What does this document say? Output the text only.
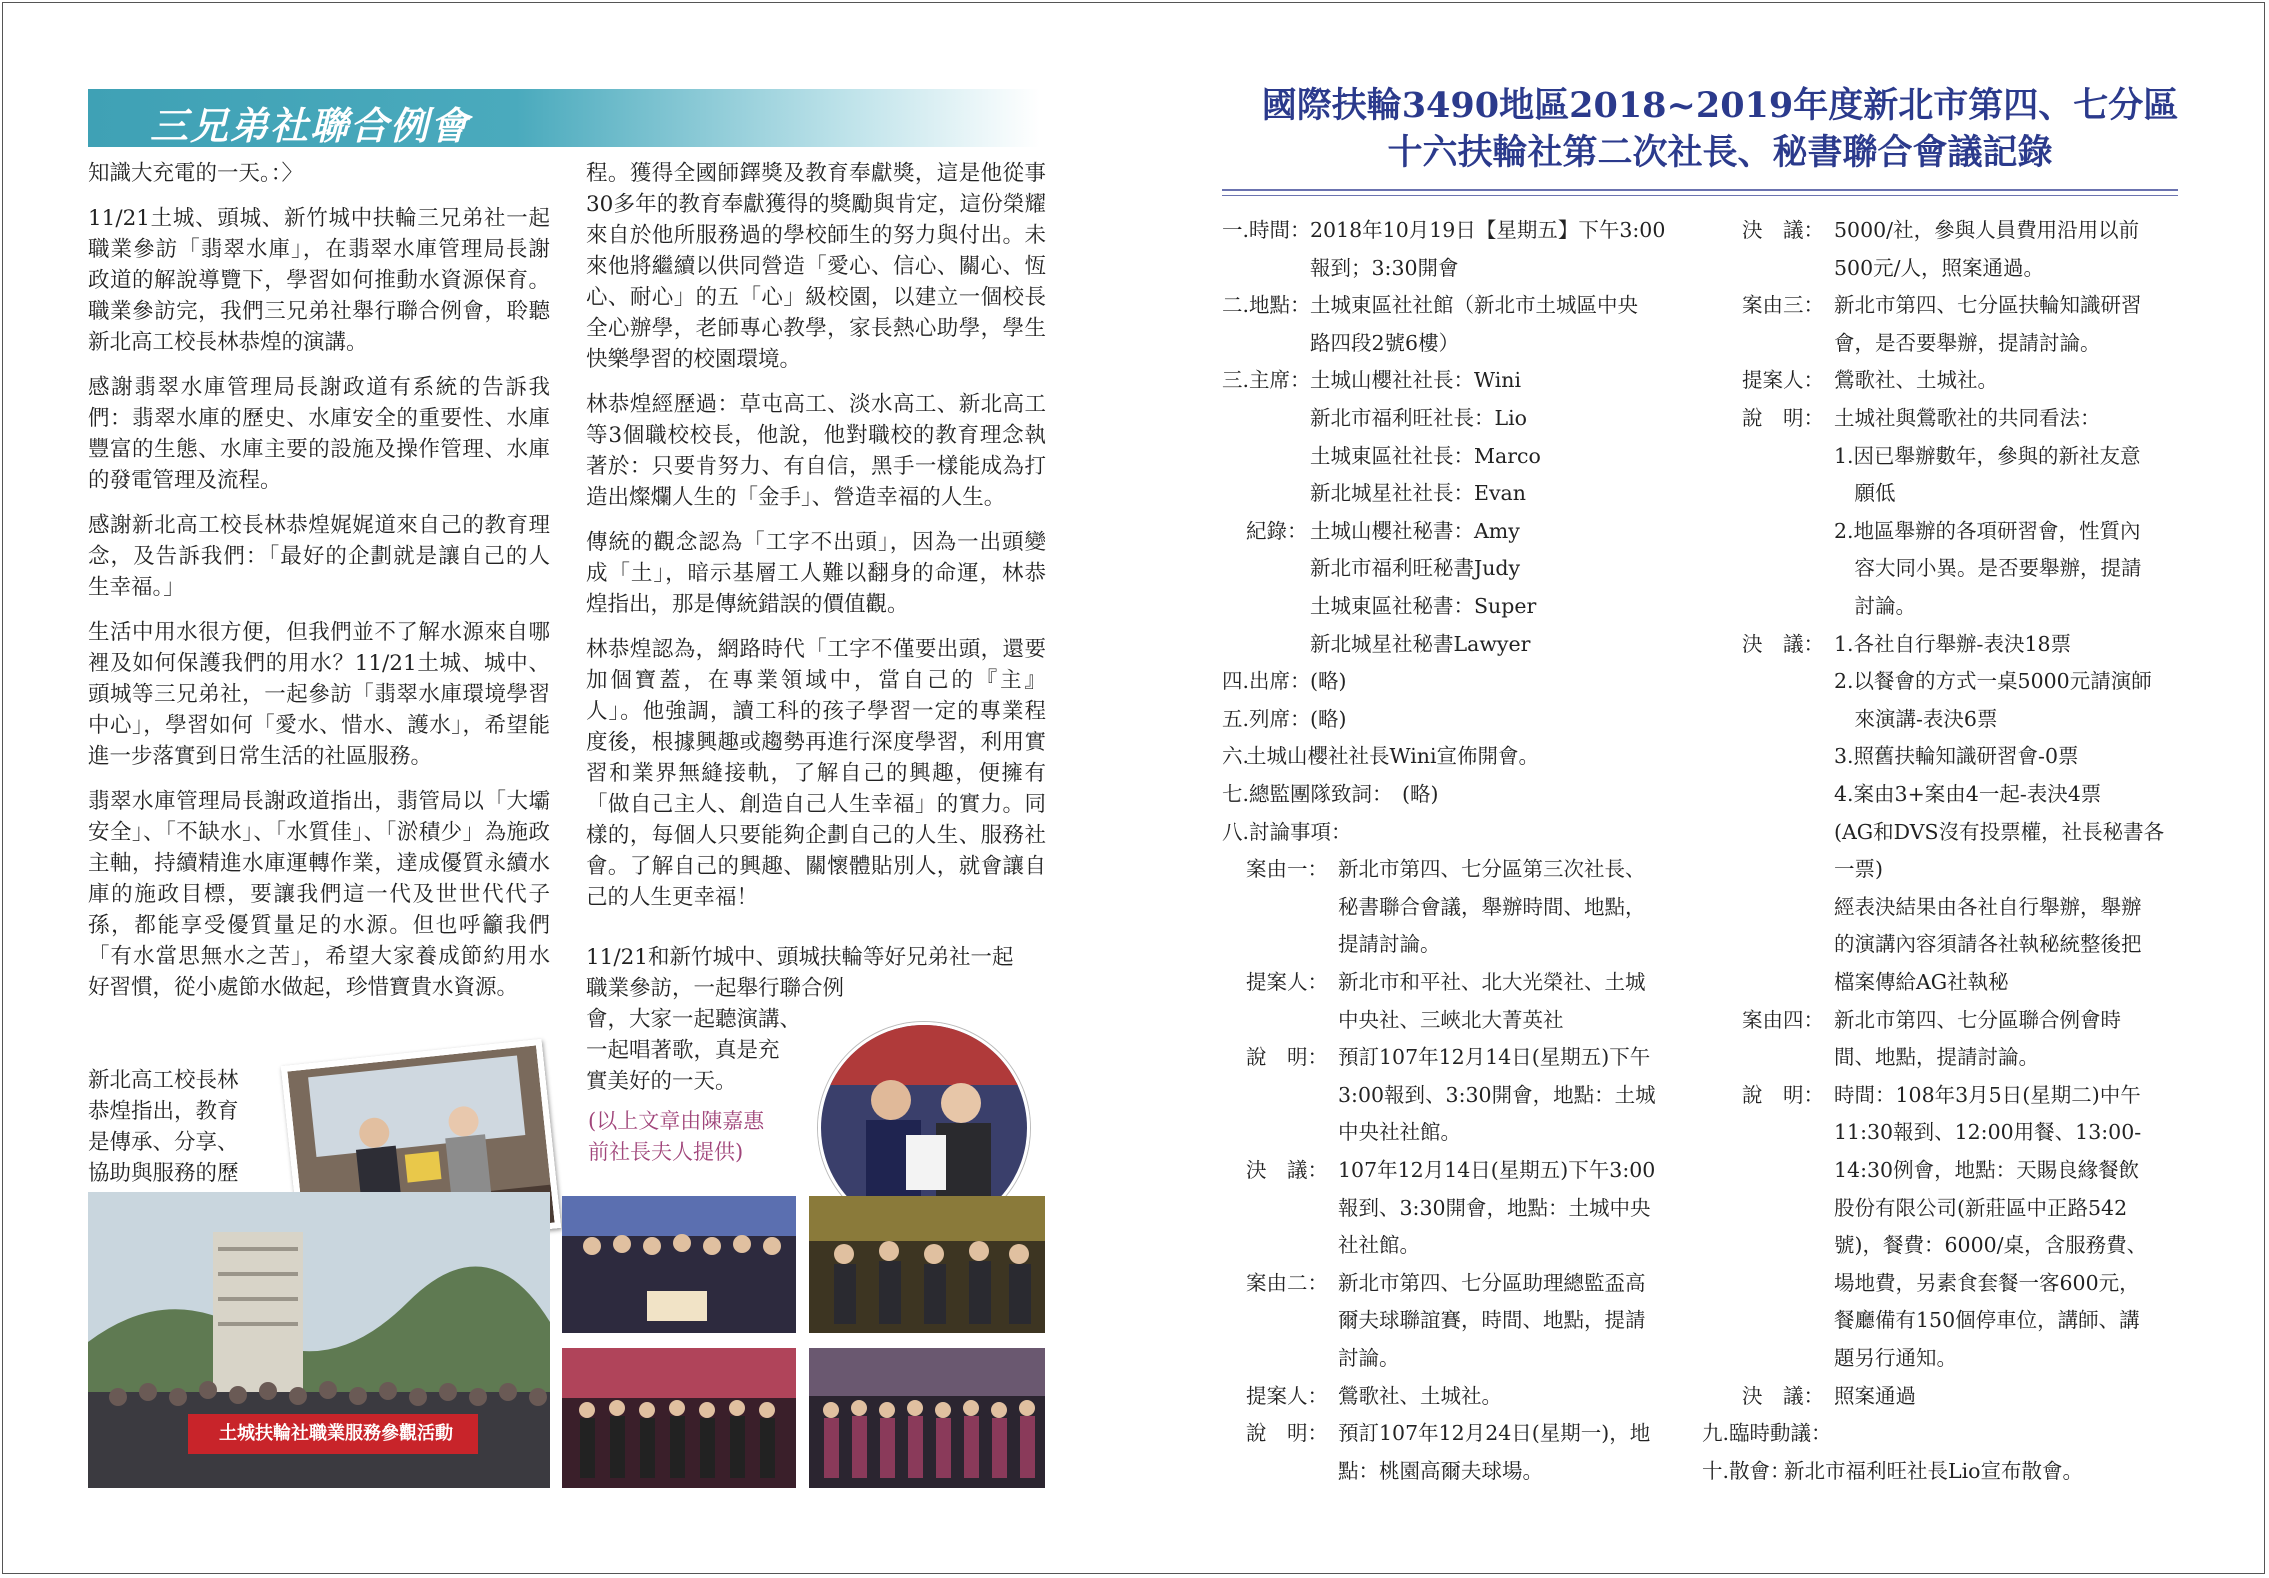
三兄弟社聯合例會

知識大充電的一天。：〉

11/21土城、頭城、新竹城中扶輪三兄弟社一起職業參訪「翡翠水庫」，在翡翠水庫管理局長謝政道的解說導覽下，學習如何推動水資源保育。職業參訪完，我們三兄弟社舉行聯合例會，聆聽新北高工校長林恭煌的演講。

感謝翡翠水庫管理局長謝政道有系統的告訴我們：翡翠水庫的歷史、水庫安全的重要性、水庫豐富的生態、水庫主要的設施及操作管理、水庫的發電管理及流程。

感謝新北高工校長林恭煌娓娓道來自己的教育理念，及告訴我們：「最好的企劃就是讓自己的人生幸福。」

生活中用水很方便，但我們並不了解水源來自哪裡及如何保護我們的用水？11/21土城、城中、頭城等三兄弟社，一起參訪「翡翠水庫環境學習中心」，學習如何「愛水、惜水、護水」，希望能進一步落實到日常生活的社區服務。

翡翠水庫管理局長謝政道指出，翡管局以「大壩安全」、「不缺水」、「水質佳」、「淤積少」為施政主軸，持續精進水庫運轉作業，達成優質永續水庫的施政目標，要讓我們這一代及世世代代子孫，都能享受優質量足的水源。但也呼籲我們「有水當思無水之苦」，希望大家養成節約用水好習慣，從小處節水做起，珍惜寶貴水資源。

新北高工校長林
恭煌指出，教育
是傳承、分享、
協助與服務的歷

程。獲得全國師鐸獎及教育奉獻獎，這是他從事30多年的教育奉獻獲得的獎勵與肯定，這份榮耀來自於他所服務過的學校師生的努力與付出。未來他將繼續以供同營造「愛心、信心、關心、恆心、耐心」的五「心」級校園，以建立一個校長全心辦學，老師專心教學，家長熱心助學，學生快樂學習的校園環境。

林恭煌經歷過：草屯高工、淡水高工、新北高工等3個職校校長，他說，他對職校的教育理念執著於：只要肯努力、有自信，黑手一樣能成為打造出燦爛人生的「金手」、營造幸福的人生。

傳統的觀念認為「工字不出頭」，因為一出頭變成「土」，暗示基層工人難以翻身的命運，林恭煌指出，那是傳統錯誤的價值觀。

林恭煌認為，網路時代「工字不僅要出頭，還要加個寶蓋，在專業領域中，當自己的『主』人」。他強調，讀工科的孩子學習一定的專業程度後，根據興趣或趨勢再進行深度學習，利用實習和業界無縫接軌，了解自己的興趣，便擁有「做自己主人、創造自己人生幸福」的實力。同樣的，每個人只要能夠企劃自己的人生、服務社會。了解自己的興趣、關懷體貼別人，就會讓自己的人生更幸福！

11/21和新竹城中、頭城扶輪等好兄弟社一起
職業參訪，一起舉行聯合例
會，大家一起聽演講、
一起唱著歌，真是充
實美好的一天。
(以上文章由陳嘉惠
前社長夫人提供)
土城扶輪社職業服務參觀活動
國際扶輪3490地區2018~2019年度新北市第四、七分區
十六扶輪社第二次社長、秘書聯合會議記錄
一.時間： 2018年10月19日【星期五】下午3:00
報到；3:30開會
二.地點： 土城東區社社館（新北市土城區中央
路四段2號6樓）
三.主席： 土城山櫻社社長：Wini
新北市福利旺社長：Lio
土城東區社社長：Marco
新北城星社社長：Evan
紀錄： 土城山櫻社秘書：Amy
新北市福利旺秘書Judy
土城東區社秘書：Super
新北城星社秘書Lawyer
四.出席： (略)
五.列席： (略)
六.
土城山櫻社社長Wini宣佈開會。
七.總監團隊致詞： (略)
八.討論事項：
案由一： 新北市第四、七分區第三次社長、
秘書聯合會議，舉辦時間、地點，
提請討論。
提案人： 新北市和平社、北大光榮社、土城
中央社、三峽北大菁英社
說　明： 預訂107年12月14日(星期五)下午
3:00報到、3:30開會，地點：土城
中央社社館。
決　議： 107年12月14日(星期五)下午3:00
報到、3:30開會，地點：土城中央
社社館。
案由二： 新北市第四、七分區助理總監盃高
爾夫球聯誼賽，時間、地點，提請
討論。
提案人： 鶯歌社、土城社。
說　明： 預訂107年12月24日(星期一)，地
點：桃園高爾夫球場。
決　議： 5000/社，參與人員費用沿用以前
500元/人，照案通過。
案由三： 新北市第四、七分區扶輪知識研習
會，是否要舉辦，提請討論。
提案人： 鶯歌社、土城社。
說　明： 土城社與鶯歌社的共同看法：
1.因已舉辦數年，參與的新社友意
　願低
2.地區舉辦的各項研習會，性質內
　容大同小異。是否要舉辦，提請
　討論。
決　議： 1.各社自行舉辦-表決18票
2.以餐會的方式一桌5000元請演師
　來演講-表決6票
3.照舊扶輪知識研習會-0票
4.案由3+案由4一起-表決4票
(AG和DVS沒有投票權，社長秘書各
一票)
經表決結果由各社自行舉辦，舉辦
的演講內容須請各社執秘統整後把
檔案傳給AG社執秘
案由四： 新北市第四、七分區聯合例會時
間、地點，提請討論。
說　明： 時間：108年3月5日(星期二)中午
11:30報到、12:00用餐、13:00-
14:30例會，地點：天賜良緣餐飲
股份有限公司(新莊區中正路542
號)，餐費：6000/桌，含服務費、
場地費，另素食套餐一客600元，
餐廳備有150個停車位，講師、講
題另行通知。
決　議： 照案通過
九.臨時動議：
十.散會：
新北市福利旺社長Lio宣布散會。
